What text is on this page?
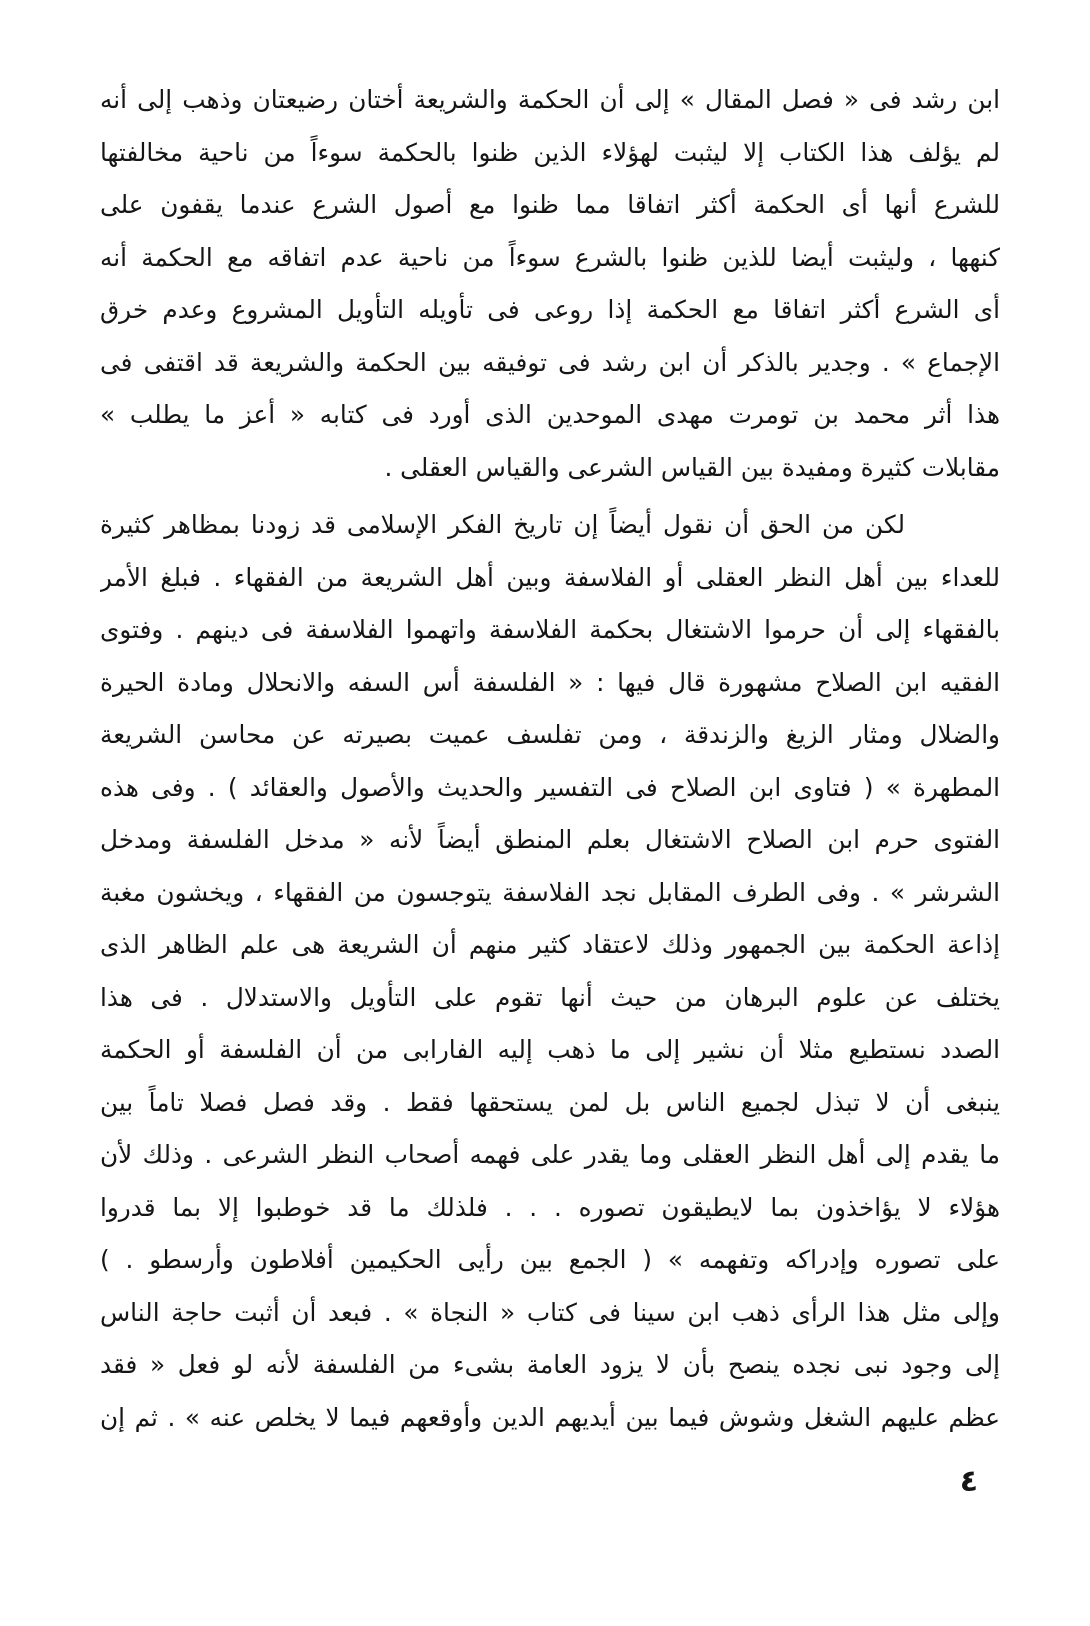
ابن رشد فى « فصل المقال » إلى أن الحكمة والشريعة أختان رضيعتان وذهب إلى أنه
لم يؤلف هذا الكتاب إلا ليثبت لهؤلاء الذين ظنوا بالحكمة سوءاً من ناحية مخالفتها
للشرع أنها أى الحكمة أكثر اتفاقا مما ظنوا مع أصول الشرع عندما يقفون على
كنهها ، وليثبت أيضا للذين ظنوا بالشرع سوءاً من ناحية عدم اتفاقه مع الحكمة أنه
أى الشرع أكثر اتفاقا مع الحكمة إذا روعى فى تأويله التأويل المشروع وعدم خرق
الإجماع » . وجدير بالذكر أن ابن رشد فى توفيقه بين الحكمة والشريعة قد اقتفى فى
هذا أثر محمد بن تومرت مهدى الموحدين الذى أورد فى كتابه « أعز ما يطلب »
مقابلات كثيرة ومفيدة بين القياس الشرعى والقياس العقلى .
لكن من الحق أن نقول أيضاً إن تاريخ الفكر الإسلامى قد زودنا بمظاهر كثيرة
للعداء بين أهل النظر العقلى أو الفلاسفة وبين أهل الشريعة من الفقهاء . فبلغ الأمر
بالفقهاء إلى أن حرموا الاشتغال بحكمة الفلاسفة واتهموا الفلاسفة فى دينهم . وفتوى
الفقيه ابن الصلاح مشهورة قال فيها : « الفلسفة أس السفه والانحلال ومادة الحيرة
والضلال ومثار الزيغ والزندقة ، ومن تفلسف عميت بصيرته عن محاسن الشريعة
المطهرة » ( فتاوى ابن الصلاح فى التفسير والحديث والأصول والعقائد ) . وفى هذه
الفتوى حرم ابن الصلاح الاشتغال بعلم المنطق أيضاً لأنه « مدخل الفلسفة ومدخل
الشرشر » . وفى الطرف المقابل نجد الفلاسفة يتوجسون من الفقهاء ، ويخشون مغبة
إذاعة الحكمة بين الجمهور وذلك لاعتقاد كثير منهم أن الشريعة هى علم الظاهر الذى
يختلف عن علوم البرهان من حيث أنها تقوم على التأويل والاستدلال . فى هذا
الصدد نستطيع مثلا أن نشير إلى ما ذهب إليه الفارابى من أن الفلسفة أو الحكمة
ينبغى أن لا تبذل لجميع الناس بل لمن يستحقها فقط . وقد فصل فصلا تاماً بين
ما يقدم إلى أهل النظر العقلى وما يقدر على فهمه أصحاب النظر الشرعى . وذلك لأن
هؤلاء لا يؤاخذون بما لايطيقون تصوره . . . فلذلك ما قد خوطبوا إلا بما قدروا
على تصوره وإدراكه وتفهمه » ( الجمع بين رأيى الحكيمين أفلاطون وأرسطو . )
وإلى مثل هذا الرأى ذهب ابن سينا فى كتاب « النجاة » . فبعد أن أثبت حاجة الناس
إلى وجود نبى نجده ينصح بأن لا يزود العامة بشىء من الفلسفة لأنه لو فعل « فقد
عظم عليهم الشغل وشوش فيما بين أيديهم الدين وأوقعهم فيما لا يخلص عنه » . ثم إن
٤
